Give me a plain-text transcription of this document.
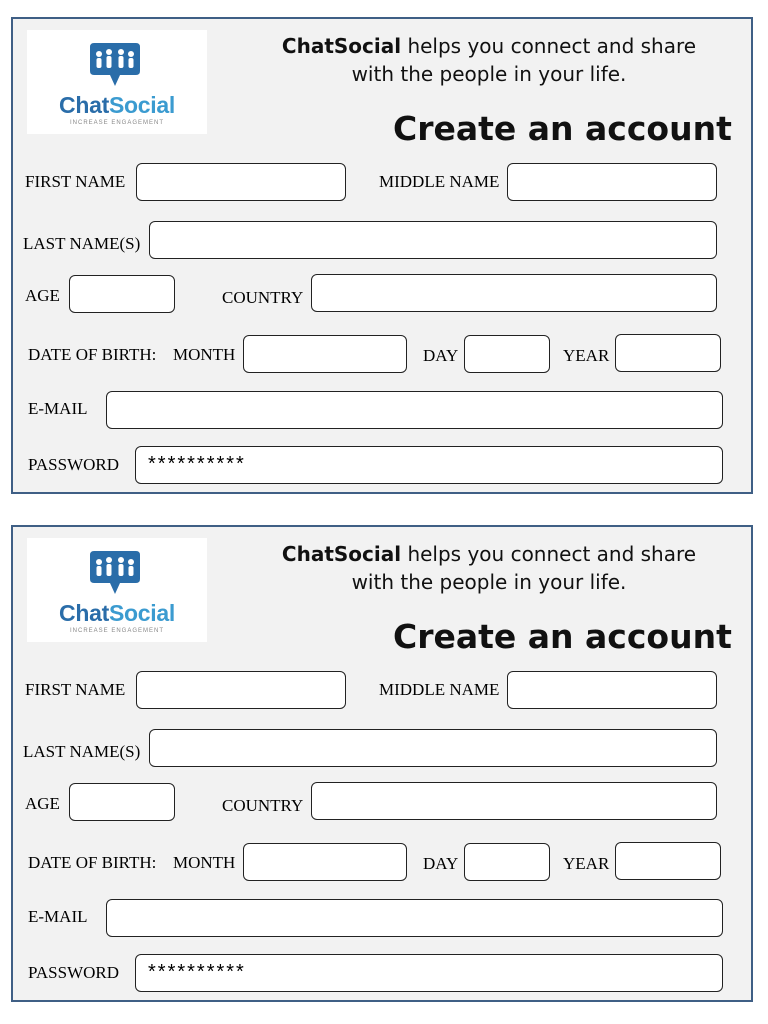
ChatSocial
INCREASE ENGAGEMENT
ChatSocial helps you connect and share
with the people in your life.
Create an account
FIRST NAME	MIDDLE NAME
LAST NAME(S)
AGE	COUNTRY
DATE OF BIRTH: MONTH	DAY	YEAR
E-MAIL
PASSWORD	**********
ChatSocial
INCREASE ENGAGEMENT
ChatSocial helps you connect and share
with the people in your life.
Create an account
FIRST NAME	MIDDLE NAME
LAST NAME(S)
AGE	COUNTRY
DATE OF BIRTH: MONTH	DAY	YEAR
E-MAIL
PASSWORD	**********
